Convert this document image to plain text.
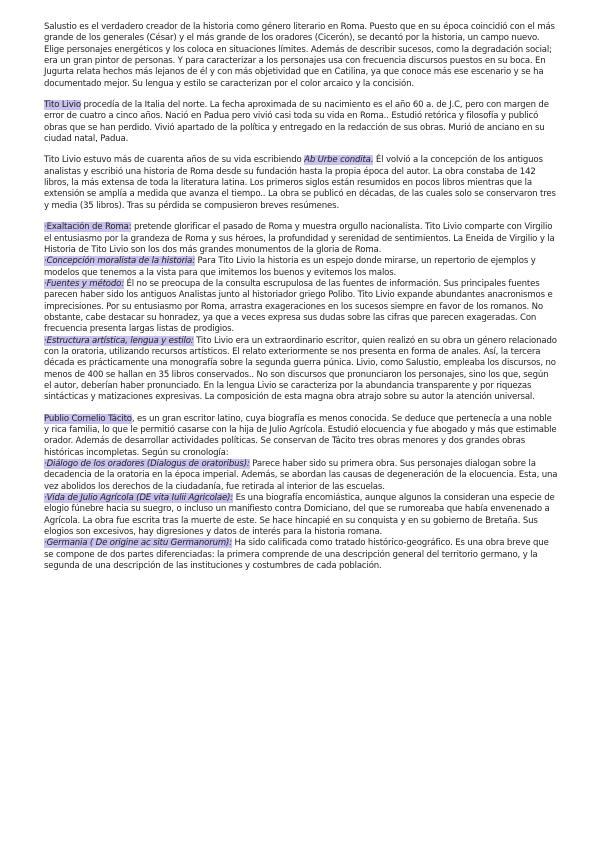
Salustio es el verdadero creador de la historia como género literario en Roma. Puesto que en su época coincidió con el más grande de los generales (César) y el más grande de los oradores (Cicerón), se decantó por la historia, un campo nuevo. Elige personajes energéticos y los coloca en situaciones límites. Además de describir sucesos, como la degradación social; era un gran pintor de personas. Y para caracterizar a los personajes usa con frecuencia discursos puestos en su boca. En Jugurta relata hechos más lejanos de él y con más objetividad que en Catilina, ya que conoce más ese escenario y se ha documentado mejor. Su lengua y estilo se caracterizan por el color arcaico y la concisión.

Tito Livio procedía de la Italia del norte. La fecha aproximada de su nacimiento es el año 60 a. de J.C, pero con margen de error de cuatro a cinco años. Nació en Padua pero vivió casi toda su vida en Roma.. Estudió retórica y filosofía y publicó obras que se han perdido. Vivió apartado de la política y entregado en la redacción de sus obras. Murió de anciano en su ciudad natal, Padua.

Tito Livio estuvo más de cuarenta años de su vida escribiendo Ab Urbe condita. Él volvió a la concepción de los antiguos analistas y escribió una historia de Roma desde su fundación hasta la propia época del autor. La obra constaba de 142 libros, la más extensa de toda la literatura latina. Los primeros siglos están resumidos en pocos libros mientras que la extensión se amplía a medida que avanza el tiempo.. La obra se publicó en décadas, de las cuales solo se conservaron tres y media (35 libros). Tras su pérdida se compusieron breves resúmenes.

·Exaltación de Roma: pretende glorificar el pasado de Roma y muestra orgullo nacionalista. Tito Livio comparte con Virgilio el entusiasmo por la grandeza de Roma y sus héroes, la profundidad y serenidad de sentimientos. La Eneida de Virgilio y la Historia de Tito Livio son los dos más grandes monumentos de la gloria de Roma.

·Concepción moralista de la historia: Para Tito Livio la historia es un espejo donde mirarse, un repertorio de ejemplos y modelos que tenemos a la vista para que imitemos los buenos y evitemos los malos.

·Fuentes y método: Él no se preocupa de la consulta escrupulosa de las fuentes de información. Sus principales fuentes parecen haber sido los antiguos Analistas junto al historiador griego Polibo. Tito Livio expande abundantes anacronismos e imprecisiones. Por su entusiasmo por Roma, arrastra exageraciones en los sucesos siempre en favor de los romanos. No obstante, cabe destacar su honradez, ya que a veces expresa sus dudas sobre las cifras que parecen exageradas. Con frecuencia presenta largas listas de prodigios.

·Estructura artística, lengua y estilo: Tito Livio era un extraordinario escritor, quien realizó en su obra un género relacionado con la oratoria, utilizando recursos artísticos. El relato exteriormente se nos presenta en forma de anales. Así, la tercera década es prácticamente una monografía sobre la segunda guerra púnica. Livio, como Salustio, empleaba los discursos, no menos de 400 se hallan en 35 libros conservados.. No son discursos que pronunciaron los personajes, sino los que, según el autor, deberían haber pronunciado. En la lengua Livio se caracteriza por la abundancia transparente y por riquezas sintácticas y matizaciones expresivas. La composición de esta magna obra atrajo sobre su autor la atención universal.

Publio Cornelio Tácito, es un gran escritor latino, cuya biografía es menos conocida. Se deduce que pertenecía a una noble y rica familia, lo que le permitió casarse con la hija de Julio Agrícola. Estudió elocuencia y fue abogado y más que estimable orador. Además de desarrollar actividades políticas. Se conservan de Tácito tres obras menores y dos grandes obras históricas incompletas. Según su cronología:

·Diálogo de los oradores (Dialogus de oratoribus): Parece haber sido su primera obra. Sus personajes dialogan sobre la decadencia de la oratoria en la época imperial. Además, se abordan las causas de degeneración de la elocuencia. Esta, una vez abolidos los derechos de la ciudadanía, fue retirada al interior de las escuelas.

·Vida de Julio Agrícola (DE vita Iulii Agricolae): Es una biografía encomiástica, aunque algunos la consideran una especie de elogio fúnebre hacia su suegro, o incluso un manifiesto contra Domiciano, del que se rumoreaba que había envenenado a Agrícola. La obra fue escrita tras la muerte de este. Se hace hincapié en su conquista y en su gobierno de Bretaña. Sus elogios son excesivos, hay digresiones y datos de interés para la historia romana.

·Germania ( De origine ac situ Germanorum): Ha sido calificada como tratado histórico-geográfico. Es una obra breve que se compone de dos partes diferenciadas: la primera comprende de una descripción general del territorio germano, y la segunda de una descripción de las instituciones y costumbres de cada población.
